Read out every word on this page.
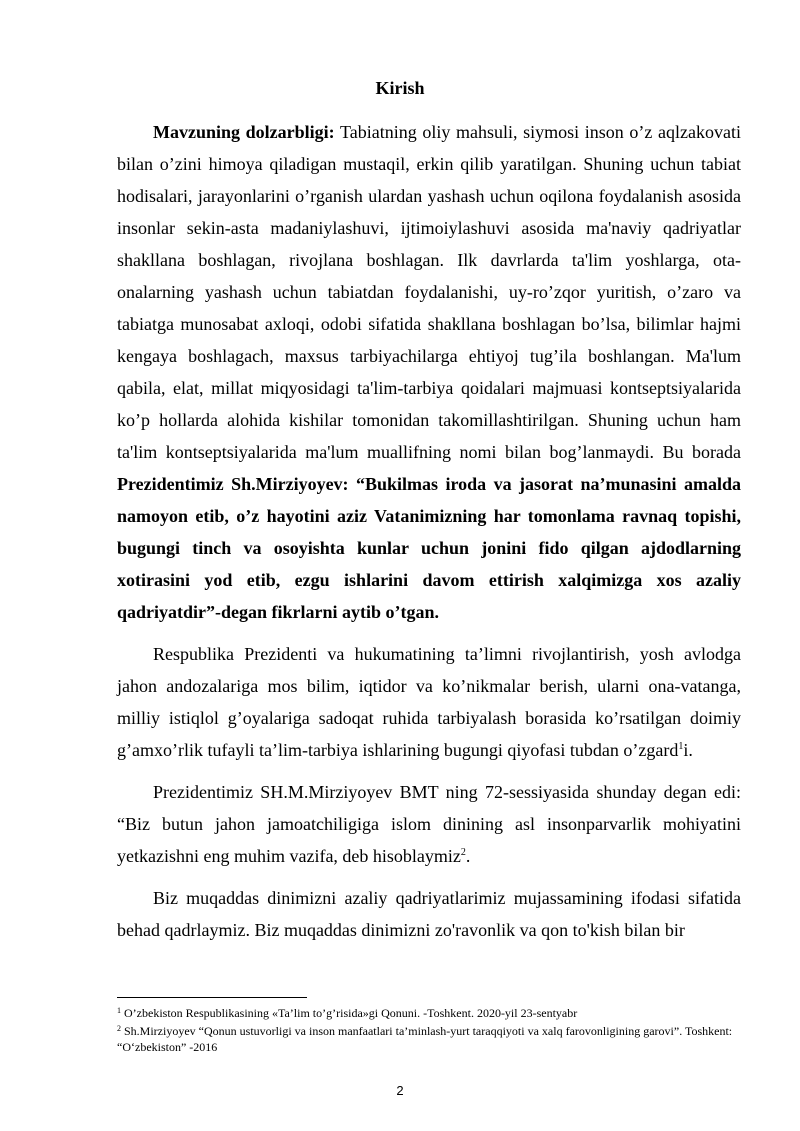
Kirish

Mavzuning dolzarbligi: Tabiatning oliy mahsuli, siymosi inson o’z aqlzakovati bilan o’zini himoya qiladigan mustaqil, erkin qilib yaratilgan. Shuning uchun tabiat hodisalari, jarayonlarini o’rganish ulardan yashash uchun oqilona foydalanish asosida insonlar sekin-asta madaniylashuvi, ijtimoiylashuvi asosida ma'naviy qadriyatlar shakllana boshlagan, rivojlana boshlagan. Ilk davrlarda ta'lim yoshlarga, ota-onalarning yashash uchun tabiatdan foydalanishi, uy-ro’zqor yuritish, o’zaro va tabiatga munosabat axloqi, odobi sifatida shakllana boshlagan bo’lsa, bilimlar hajmi kengaya boshlagach, maxsus tarbiyachilarga ehtiyoj tug’ila boshlangan. Ma'lum qabila, elat, millat miqyosidagi ta'lim-tarbiya qoidalari majmuasi kontseptsiyalarida ko’p hollarda alohida kishilar tomonidan takomillashtirilgan. Shuning uchun ham ta'lim kontseptsiyalarida ma'lum muallifning nomi bilan bog’lanmaydi. Bu borada Prezidentimiz Sh.Mirziyoyev: “Bukilmas iroda va jasorat na’munasini amalda namoyon etib, o’z hayotini aziz Vatanimizning har tomonlama ravnaq topishi, bugungi tinch va osoyishta kunlar uchun jonini fido qilgan ajdodlarning xotirasini yod etib, ezgu ishlarini davom ettirish xalqimizga xos azaliy qadriyatdir”-degan fikrlarni aytib o’tgan.

Respublika Prezidenti va hukumatining ta’limni rivojlantirish, yosh avlodga jahon andozalariga mos bilim, iqtidor va ko’nikmalar berish, ularni ona-vatanga, milliy istiqlol g’oyalariga sadoqat ruhida tarbiyalash borasida ko’rsatilgan doimiy g’amxo’rlik tufayli ta’lim-tarbiya ishlarining bugungi qiyofasi tubdan o’zgard$^1$i.

Prezidentimiz SH.M.Mirziyoyev BMT ning 72-sessiyasida shunday degan edi: “Biz butun jahon jamoatchiligiga islom dinining asl insonparvarlik mohiyatini yetkazishni eng muhim vazifa, deb hisoblaymiz$^2$.

Biz muqaddas dinimizni azaliy qadriyatlarimiz mujassamining ifodasi sifatida behad qadrlaymiz. Biz muqaddas dinimizni zo'ravonlik va qon to'kish bilan bir

$^1$ O’zbekiston Respublikasining «Ta’lim to’g’risida»gi Qonuni. -Toshkent. 2020-yil 23-sentyabr
$^2$ Sh.Mirziyoyev “Qonun ustuvorligi va inson manfaatlari ta’minlash-yurt taraqqiyoti va xalq farovonligining garovi”. Toshkent: “O‘zbekiston” -2016
2
